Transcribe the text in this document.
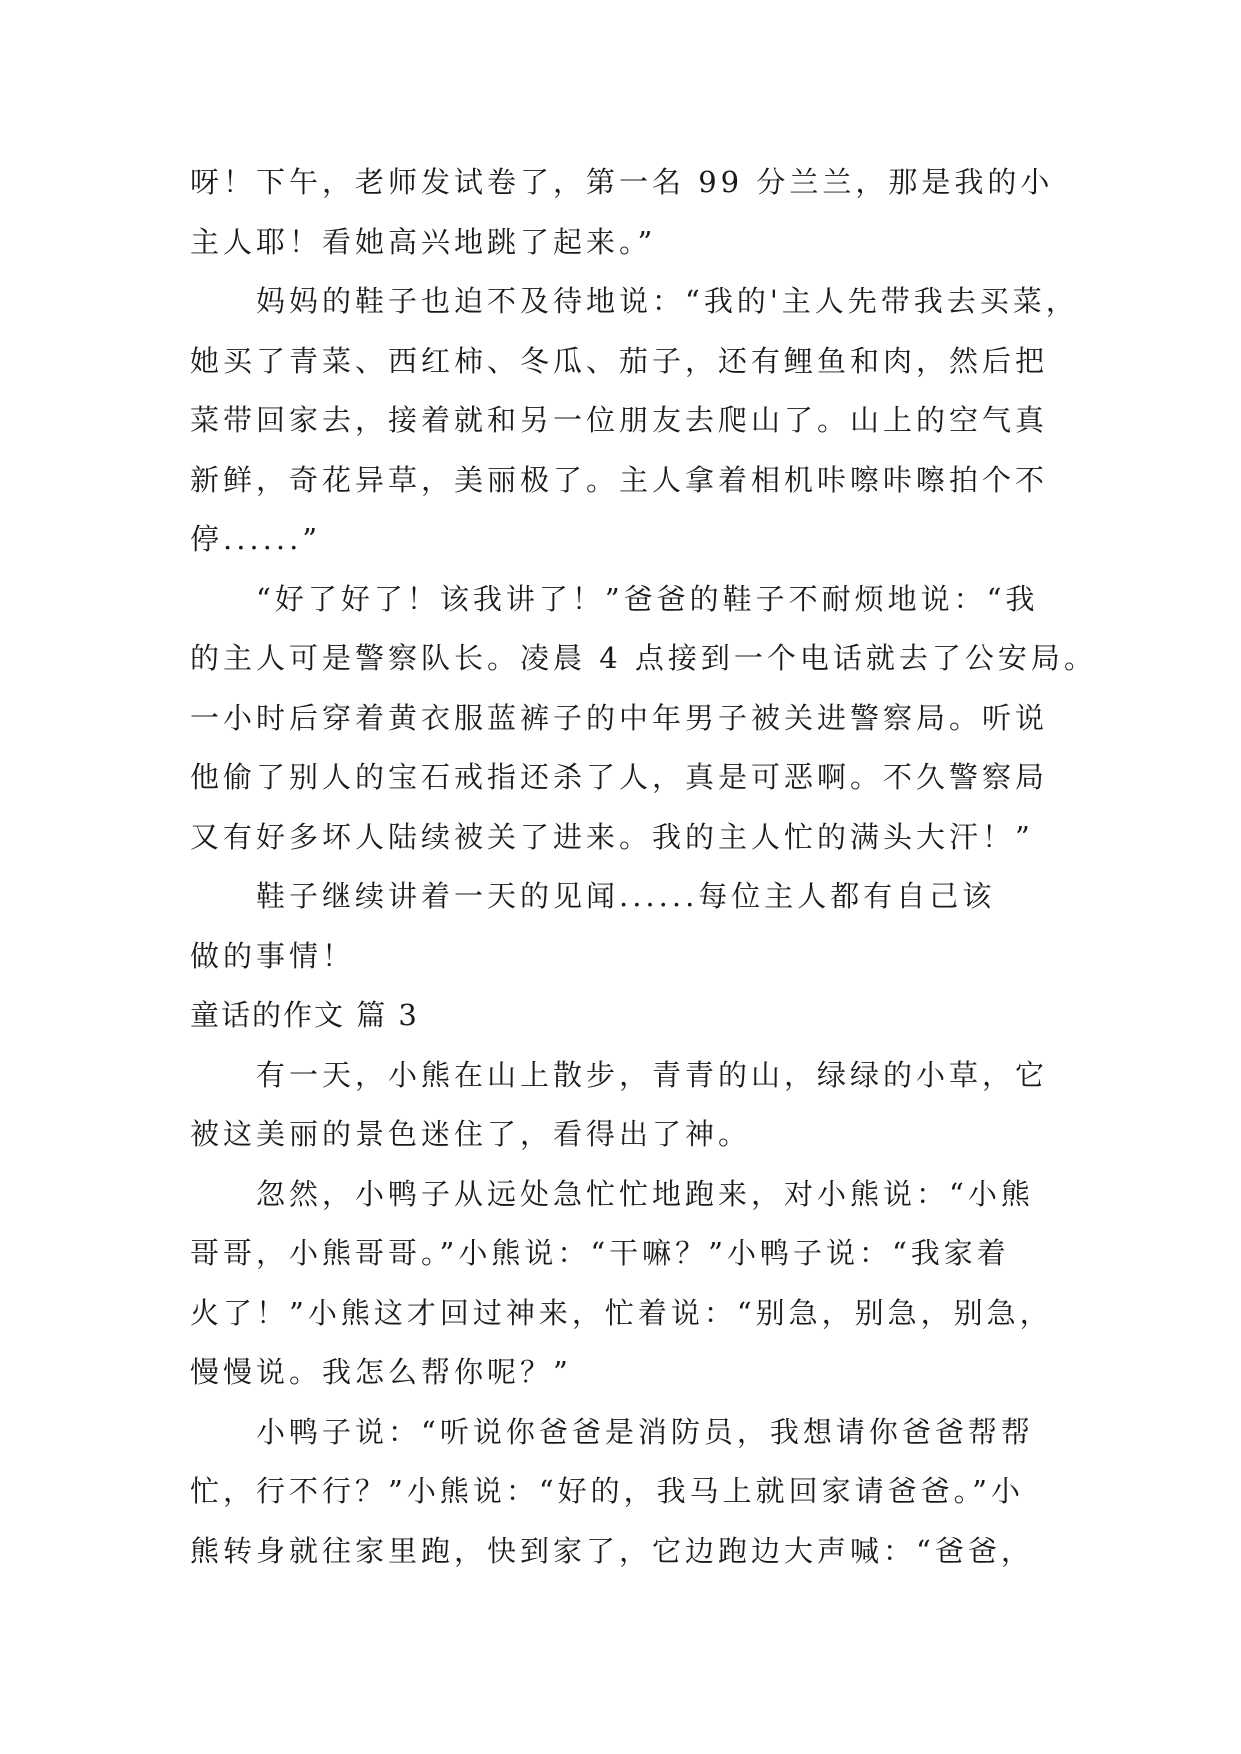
呀！下午，老师发试卷了，第一名 99 分兰兰，那是我的小
主人耶！看她高兴地跳了起来。”
妈妈的鞋子也迫不及待地说：“我的'主人先带我去买菜，
她买了青菜、西红柿、冬瓜、茄子，还有鲤鱼和肉，然后把
菜带回家去，接着就和另一位朋友去爬山了。山上的空气真
新鲜，奇花异草，美丽极了。主人拿着相机咔嚓咔嚓拍个不
停......”
“好了好了！该我讲了！”爸爸的鞋子不耐烦地说：“我
的主人可是警察队长。凌晨 4 点接到一个电话就去了公安局。
一小时后穿着黄衣服蓝裤子的中年男子被关进警察局。听说
他偷了别人的宝石戒指还杀了人，真是可恶啊。不久警察局
又有好多坏人陆续被关了进来。我的主人忙的满头大汗！”
鞋子继续讲着一天的见闻......每位主人都有自己该
做的事情！
童话的作文 篇 3
有一天，小熊在山上散步，青青的山，绿绿的小草，它
被这美丽的景色迷住了，看得出了神。
忽然，小鸭子从远处急忙忙地跑来，对小熊说：“小熊
哥哥，小熊哥哥。”小熊说：“干嘛？”小鸭子说：“我家着
火了！”小熊这才回过神来，忙着说：“别急，别急，别急，
慢慢说。我怎么帮你呢？”
小鸭子说：“听说你爸爸是消防员，我想请你爸爸帮帮
忙，行不行？”小熊说：“好的，我马上就回家请爸爸。”小
熊转身就往家里跑，快到家了，它边跑边大声喊：“爸爸，
